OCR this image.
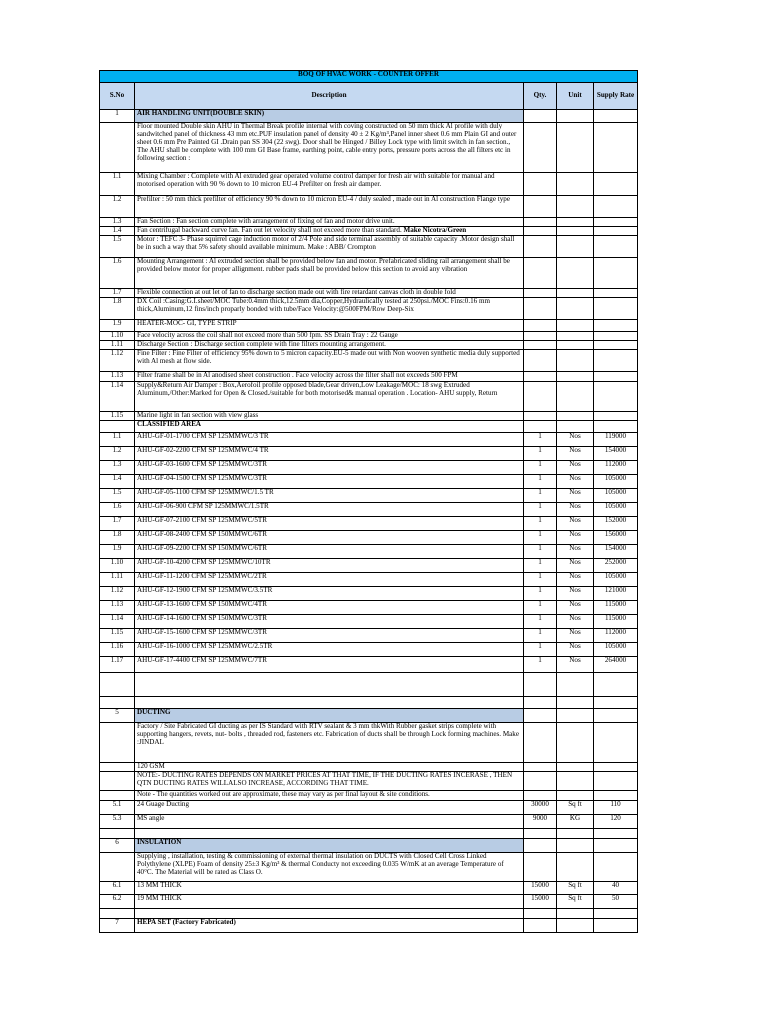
BOQ OF HVAC WORK - COUNTER OFFER				
S.No	Description	Qty.	Unit	Supply Rate
1	AIR HANDLING UNIT(DOUBLE SKIN)			
	Floor mounted Double skin AHU in Thermal Break profile internal with coving constructed on 50 mm thick Al profile with duly sandwitched panel of thickness 43 mm etc.PUF insulation panel of density 40 ± 2 Kg/m³,Panel inner sheet 0.6 mm Plain GI and outer sheet 0.6 mm Pre Painted GI .Drain pan SS 304 (22 swg). Door shall be Hinged / Billey Lock type with limit switch in fan section., The AHU shall be complete with 100 mm GI Base frame, earthing point, cable entry ports, pressure ports across the all filters etc in following section :			
1.1	Mixing Chamber : Complete with Al extruded gear operated volume control damper for fresh air with suitable for manual and motorised operation with 90 % down to 10 micron EU-4 Prefilter on fresh air damper.			
1.2	Prefilter : 50 mm thick prefilter of efficiency 90 % down to 10 micron EU-4 / duly sealed , made out in Al construction Flange type			
1.3	Fan Section : Fan section complete with arrangement of fixing of fan and motor drive unit.			
1.4	Fan centrifugal backward curve fan. Fan out let velocity shall not exceed more than standard. Make Nicotra/Green			
1.5	Motor : TEFC 3- Phase squirrel cage induction motor of 2/4 Pole and side terminal assembly of suitable capacity .Motor design shall be in such a way that 5% safety should available minimum. Make : ABB/ Crompton			
1.6	Mounting Arrangement : Al extruded section shall be provided below fan and motor. Prefabricated sliding rail arrangement shall be provided below motor for proper allignment. rubber pads shall be provided below this section to avoid any vibration			
1.7	Flexible connection at out let of fan to discharge section made out with fire retardant canvas cloth in double fold			
1.8	DX Coil :Casing:G.I.sheet/MOC Tube:0.4mm thick,12.5mm dia,Copper,Hydraulically tested at 250psi./MOC Fins:0.16 mm thick,Aluminum,12 fins/inch proparly bonded with tube/Face Velocity:@500FPM/Row Deep-Six			
1.9	HEATER-MOC- GI, TYPE STRIP			
1.10	Face velocity across the coil shall not exceed more than 500 fpm. SS Drain Tray : 22 Gauge			
1.11	Discharge Section : Discharge section complete with fine filters mounting arrangement.			
1.12	Fine Filter : Fine Filter of efficiency 95% down to 5 micron capacity.EU-5 made out with Non wooven synthetic media duly supported with Al mesh at flow side.			
1.13	Filter frame shall be in Al anodised sheet construction . Face velocity across the filter shall not exceeds 500 FPM			
1.14	Supply&Return Air Damper : Box,Aerofoil profile opposed blade,Gear driven,Low Leakage/MOC: 18 swg Extruded Aluminum,/Other:Marked for Open & Closed./suitable for both motorised& manual operation . Location- AHU supply, Return			
1.15	Marine light in fan section with view glass			
	CLASSIFIED AREA			
1.1	AHU-GF-01-1700 CFM SP 125MMWC/3 TR	1	Nos	119000
1.2	AHU-GF-02-2200 CFM SP 125MMWC/4 TR	1	Nos	154000
1.3	AHU-GF-03-1600 CFM SP 125MMWC/3TR	1	Nos	112000
1.4	AHU-GF-04-1500 CFM SP 125MMWC/3TR	1	Nos	105000
1.5	AHU-GF-05-1100 CFM SP 125MMWC/1.5 TR	1	Nos	105000
1.6	AHU-GF-06-900 CFM SP 125MMWC/1.5TR	1	Nos	105000
1.7	AHU-GF-07-2100 CFM SP 125MMWC/5TR	1	Nos	152000
1.8	AHU-GF-08-2400 CFM SP 150MMWC/6TR	1	Nos	156000
1.9	AHU-GF-09-2200 CFM SP 150MMWC/6TR	1	Nos	154000
1.10	AHU-GF-10-4200 CFM SP 125MMWC/10TR	1	Nos	252000
1.11	AHU-GF-11-1200 CFM SP 125MMWC/2TR	1	Nos	105000
1.12	AHU-GF-12-1900 CFM SP 125MMWC/3.5TR	1	Nos	121000
1.13	AHU-GF-13-1600 CFM SP 150MMWC/4TR	1	Nos	115000
1.14	AHU-GF-14-1600 CFM SP 150MMWC/3TR	1	Nos	115000
1.15	AHU-GF-15-1600 CFM SP 125MMWC/3TR	1	Nos	112000
1.16	AHU-GF-16-1000 CFM SP 125MMWC/2.5TR	1	Nos	105000
1.17	AHU-GF-17-4400 CFM SP 125MMWC/7TR	1	Nos	264000

5	DUCTING			
	Factory / Site Fabricated GI ducting as per IS Standard with RTV sealant & 3 mm thkWith Rubber gasket strips complete with supporting hangers, revets, nut- bolts , threaded rod, fasteners etc. Fabrication of ducts shall be through Lock forming machines. Make :JINDAL			
	120 GSM			
	NOTE:- DUCTING RATES DEPENDS ON MARKET PRICES AT THAT TIME, IF THE DUCTING RATES INCERASE , THEN QTN DUCTING RATES WILLALSO INCREASE, ACCORDING THAT TIME.			
	Note - The quantities worked out are approximate, these may vary as per final layout & site conditions.			
5.1	24 Guage Ducting	30000	Sq ft	110
5.3	MS angle	9000	KG	120

6	INSULATION			
	Supplying , installation, testing & commissioning of external thermal insulation on DUCTS with Closed Cell Cross Linked Polythylene (XLPE) Foam of density 25±3 Kg/m³ & thermal Conducty not exceeding 0.035 W/mK at an average Temperature of 40°C. The Material will be rated as Class O.			
6.1	13 MM THICK	15000	Sq ft	40
6.2	19 MM THICK	15000	Sq ft	50

7	HEPA SET (Factory Fabricated)			
